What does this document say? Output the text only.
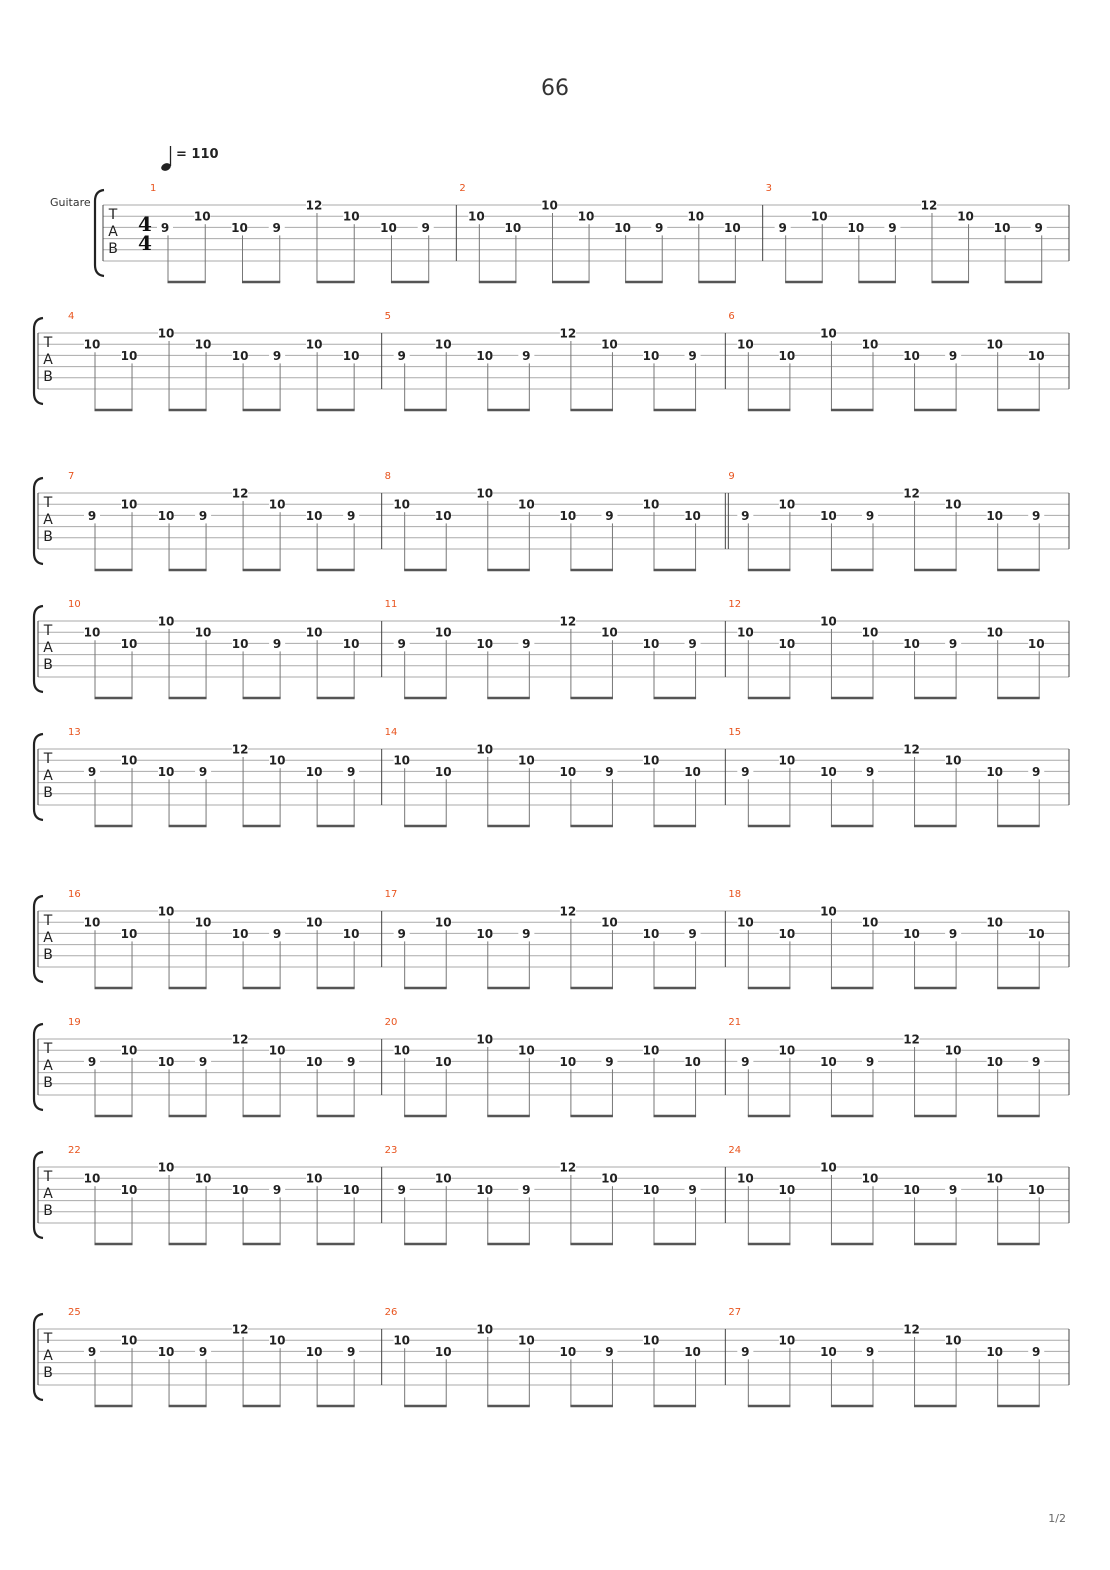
66
= 110
Guitare
1/2
T
A
B
4
4
1
9
10
10 9
12
10
10 9
2
10
10
10
10
10 9
10
10
3
9
10
10 9
12
10
10 9
T
A
B
4
10
10
10
10
10 9
10
10
5
9
10
10 9
12
10
10 9
6
10
10
10
10
10 9
10
10
T
A
B
7
9
10
10 9
12
10
10 9
8
10
10
10
10
10 9
10
10
9
9
10
10 9
12
10
10 9
T
A
B
10
10
10
10
10
10 9
10
10
11
9
10
10 9
12
10
10 9
12
10
10
10
10
10 9
10
10
T
A
B
13
9
10
10 9
12
10
10 9
14
10
10
10
10
10 9
10
10
15
9
10
10 9
12
10
10 9
T
A
B
16
10
10
10
10
10 9
10
10
17
9
10
10 9
12
10
10 9
18
10
10
10
10
10 9
10
10
T
A
B
19
9
10
10 9
12
10
10 9
20
10
10
10
10
10 9
10
10
21
9
10
10 9
12
10
10 9
T
A
B
22
10
10
10
10
10 9
10
10
23
9
10
10 9
12
10
10 9
24
10
10
10
10
10 9
10
10
T
A
B
25
9
10
10 9
12
10
10 9
26
10
10
10
10
10 9
10
10
27
9
10
10 9
12
10
10 9
